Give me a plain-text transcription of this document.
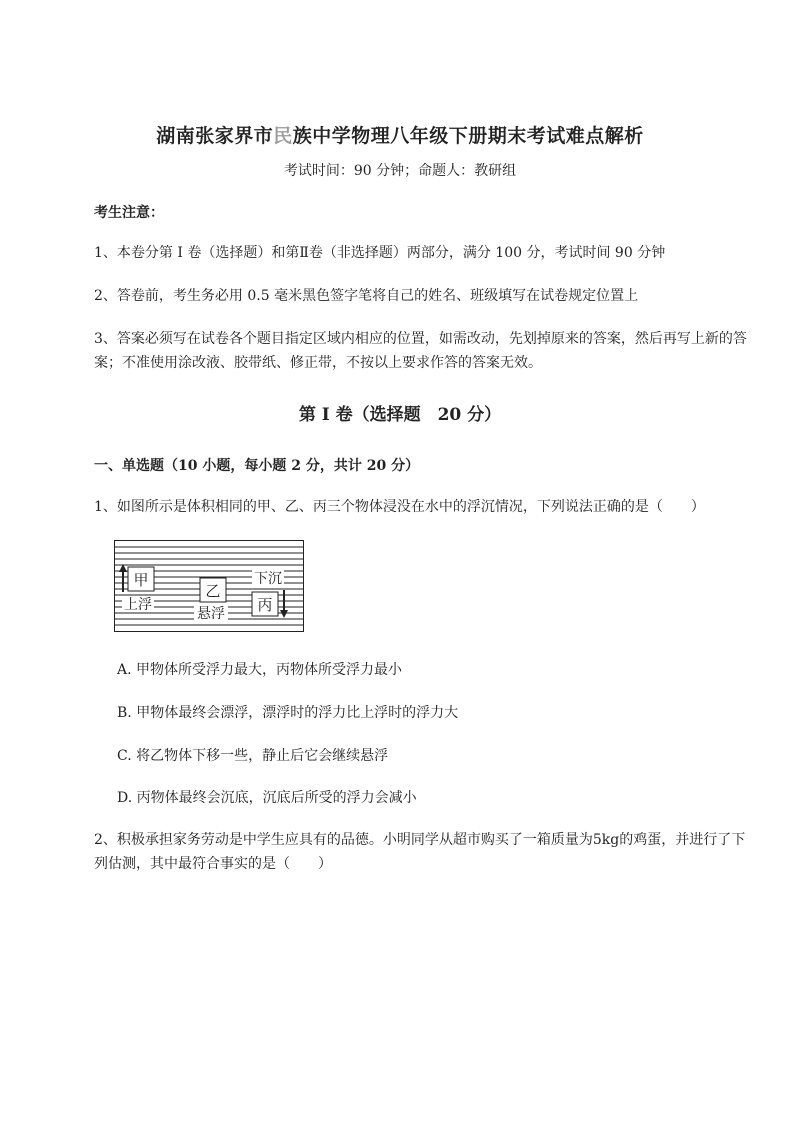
湖南张家界市民族中学物理八年级下册期末考试难点解析
考试时间：90 分钟；命题人：教研组
考生注意：
1、本卷分第 I 卷（选择题）和第Ⅱ卷（非选择题）两部分，满分 100 分，考试时间 90 分钟
2、答卷前，考生务必用 0.5 毫米黑色签字笔将自己的姓名、班级填写在试卷规定位置上
3、答案必须写在试卷各个题目指定区域内相应的位置，如需改动，先划掉原来的答案，然后再写上新的答案；不准使用涂改液、胶带纸、修正带，不按以上要求作答的答案无效。
第 I 卷（选择题　20 分）
一、单选题（10 小题，每小题 2 分，共计 20 分）
1、如图所示是体积相同的甲、乙、丙三个物体浸没在水中的浮沉情况，下列说法正确的是（　　）
甲
上浮
乙
悬浮 丙
下沉
A. 甲物体所受浮力最大，丙物体所受浮力最小
B. 甲物体最终会漂浮，漂浮时的浮力比上浮时的浮力大
C. 将乙物体下移一些，静止后它会继续悬浮
D. 丙物体最终会沉底，沉底后所受的浮力会减小
2、积极承担家务劳动是中学生应具有的品德。小明同学从超市购买了一箱质量为5kg的鸡蛋，并进行了下列估测，其中最符合事实的是（　　）
